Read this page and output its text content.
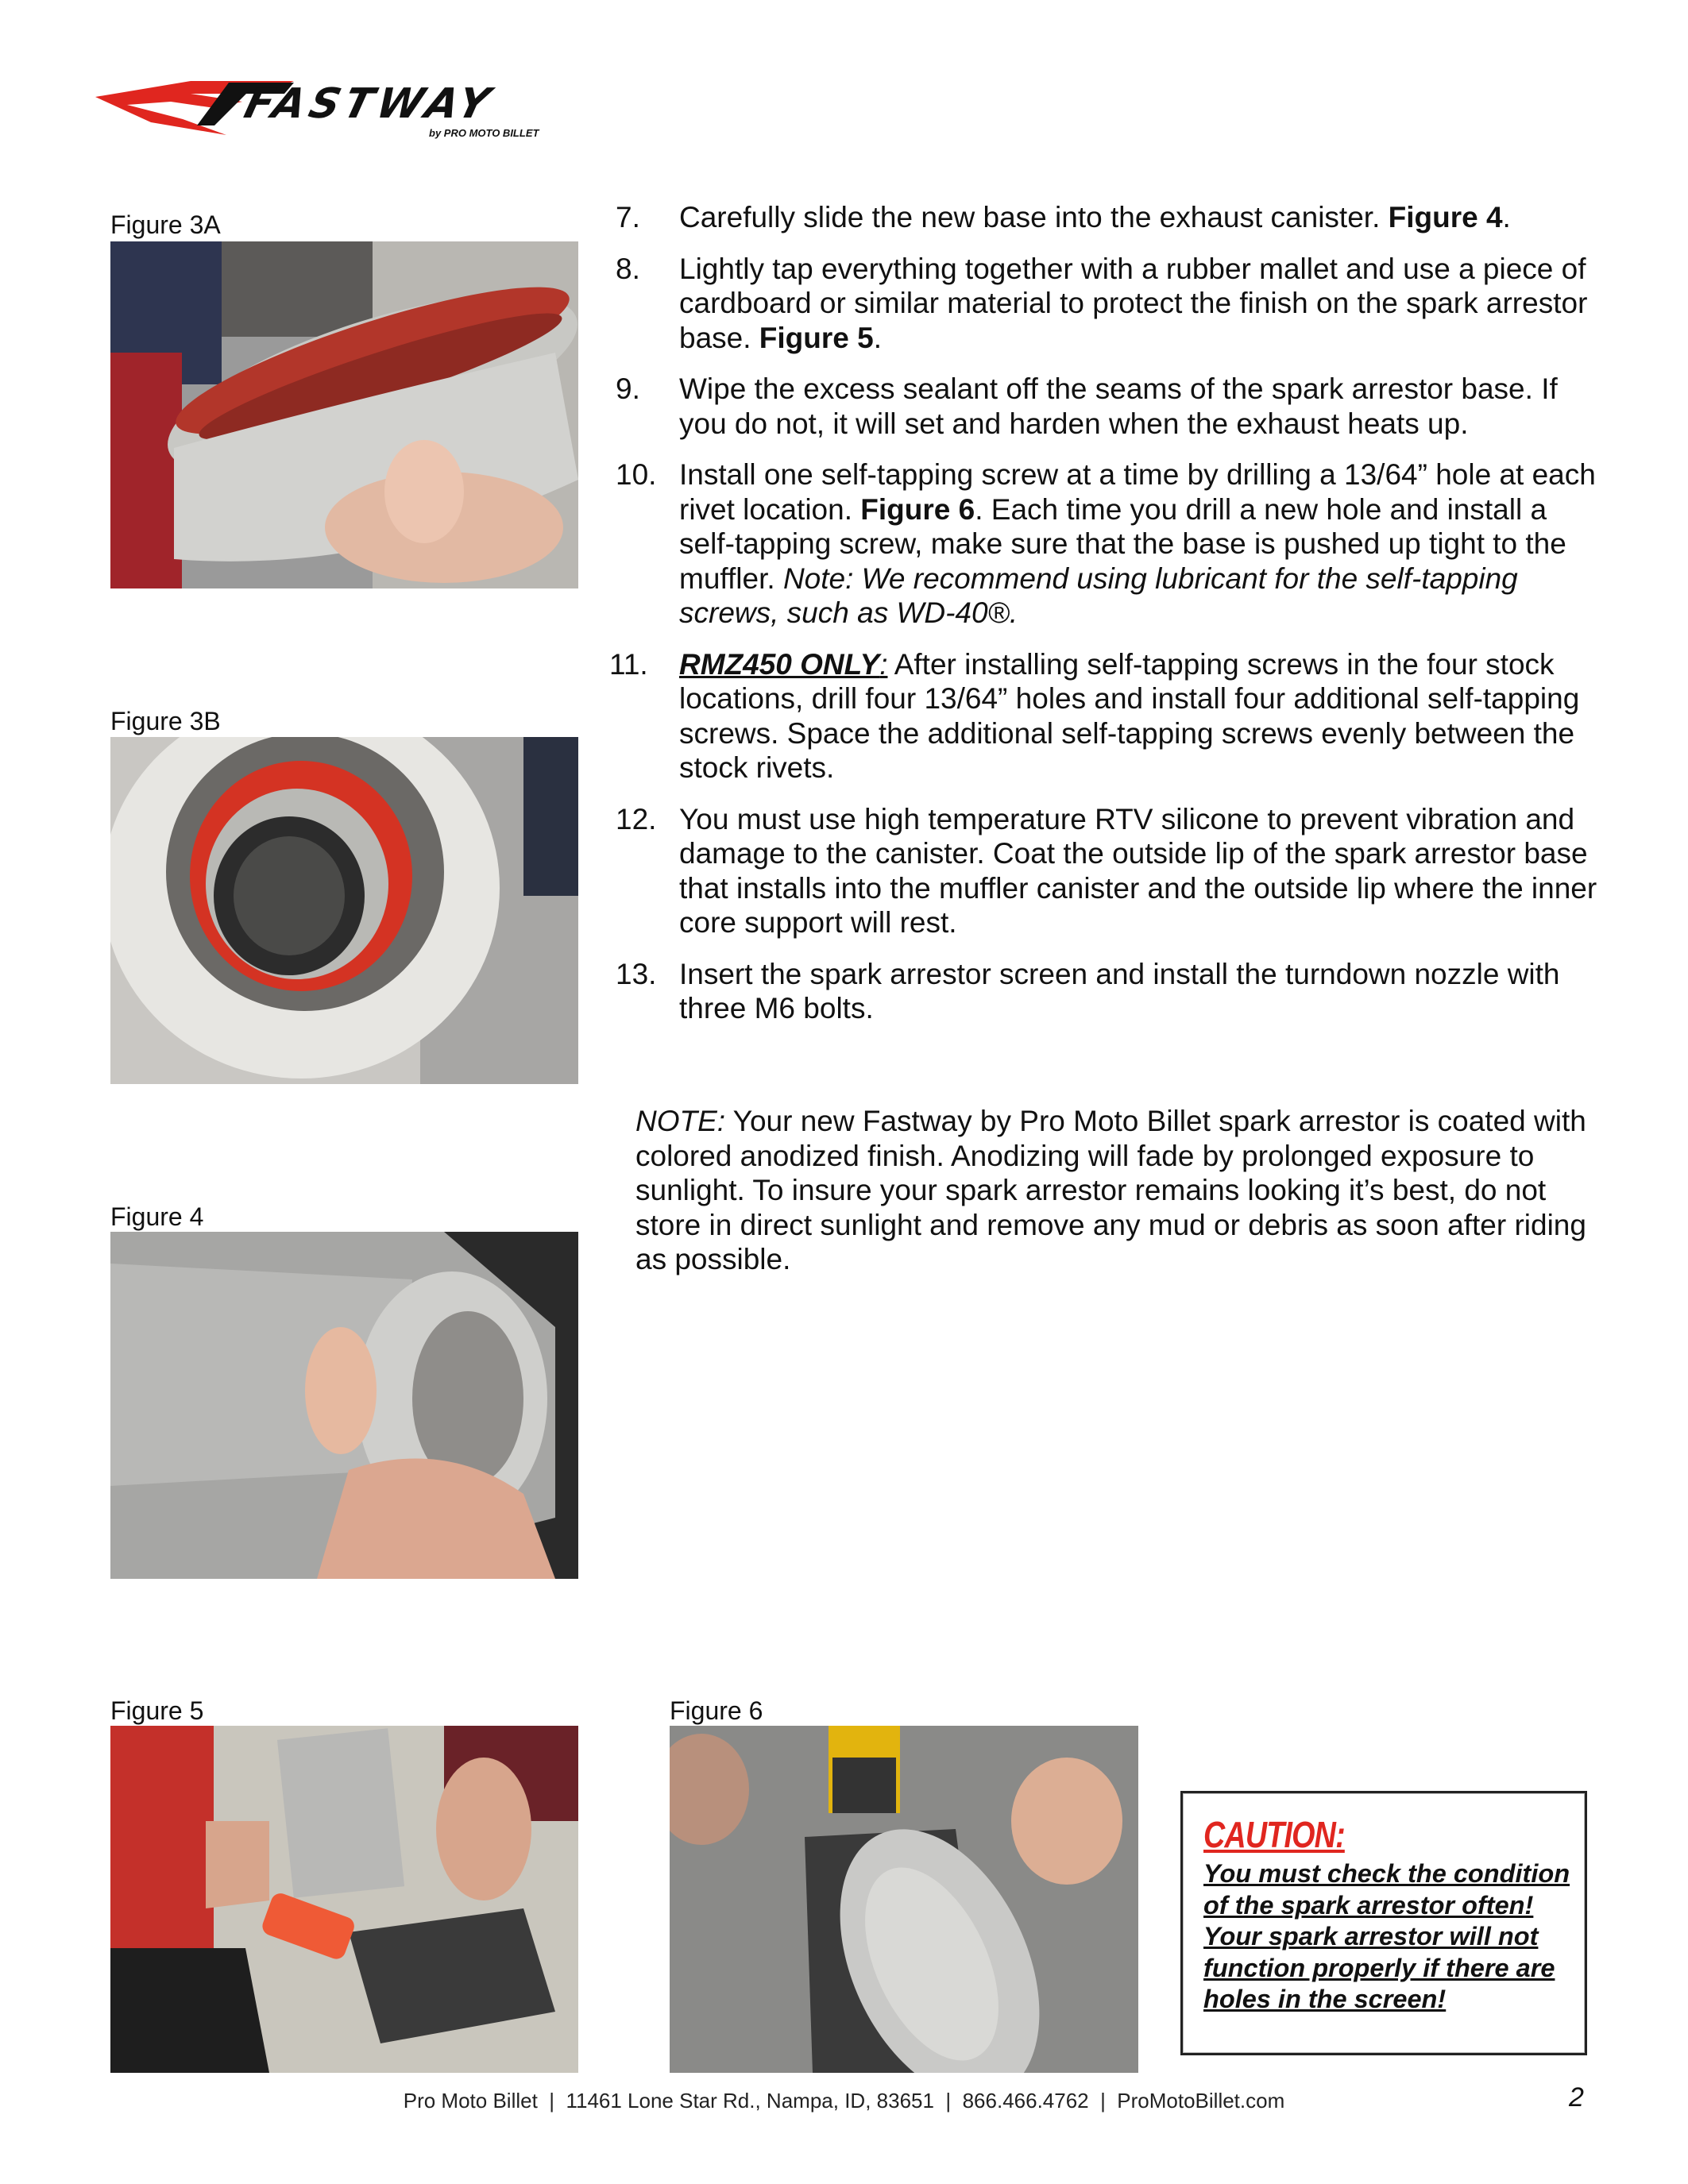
FASTWAY
by PRO MOTO BILLET
Figure 3A
Figure 3B
Figure 4
Figure 5	Figure 6
7.	Carefully slide the new base into the exhaust canister. Figure 4.
8.	Lightly tap everything together with a rubber mallet and use a piece of cardboard or similar material to protect the finish on the spark arrestor base. Figure 5.
9.	Wipe the excess sealant off the seams of the spark arrestor base. If you do not, it will set and harden when the exhaust heats up.
10. Install one self-tapping screw at a time by drilling a 13/64” hole at each rivet location. Figure 6. Each time you drill a new hole and install a self-tapping screw, make sure that the base is pushed up tight to the muffler. Note: We recommend using lubricant for the self-tapping screws, such as WD-40®.
11.	RMZ450 ONLY: After installing self-tapping screws in the four stock locations, drill four 13/64” holes and install four additional self-tapping screws. Space the additional self-tapping screws evenly between the stock rivets.
12. You must use high temperature RTV silicone to prevent vibration and damage to the canister. Coat the outside lip of the spark arrestor base that installs into the muffler canister and the outside lip where the inner core support will rest.
13. Insert the spark arrestor screen and install the turndown nozzle with three M6 bolts.
NOTE: Your new Fastway by Pro Moto Billet spark arrestor is coated with colored anodized finish. Anodizing will fade by prolonged exposure to sunlight. To insure your spark arrestor remains looking it’s best, do not store in direct sunlight and remove any mud or debris as soon after riding as possible.
CAUTION:
You must check the condition of the spark arrestor often! Your spark arrestor will not function properly if there are holes in the screen!
Pro Moto Billet  |  11461 Lone Star Rd., Nampa, ID, 83651  |  866.466.4762  |  ProMotoBillet.com	2
